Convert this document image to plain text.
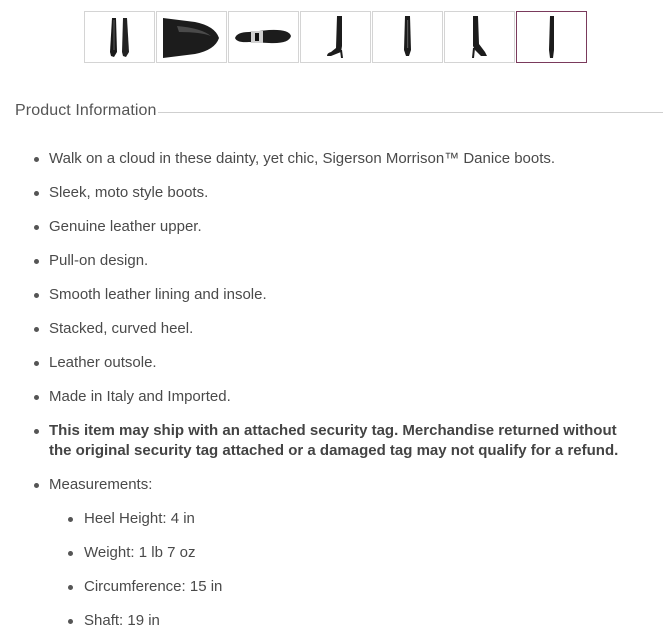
Product Information
Walk on a cloud in these dainty, yet chic, Sigerson Morrison™ Danice boots.
Sleek, moto style boots.
Genuine leather upper.
Pull-on design.
Smooth leather lining and insole.
Stacked, curved heel.
Leather outsole.
Made in Italy and Imported.
This item may ship with an attached security tag. Merchandise returned without the original security tag attached or a damaged tag may not qualify for a refund.
Measurements:
Heel Height: 4 in
Weight: 1 lb 7 oz
Circumference: 15 in
Shaft: 19 in
